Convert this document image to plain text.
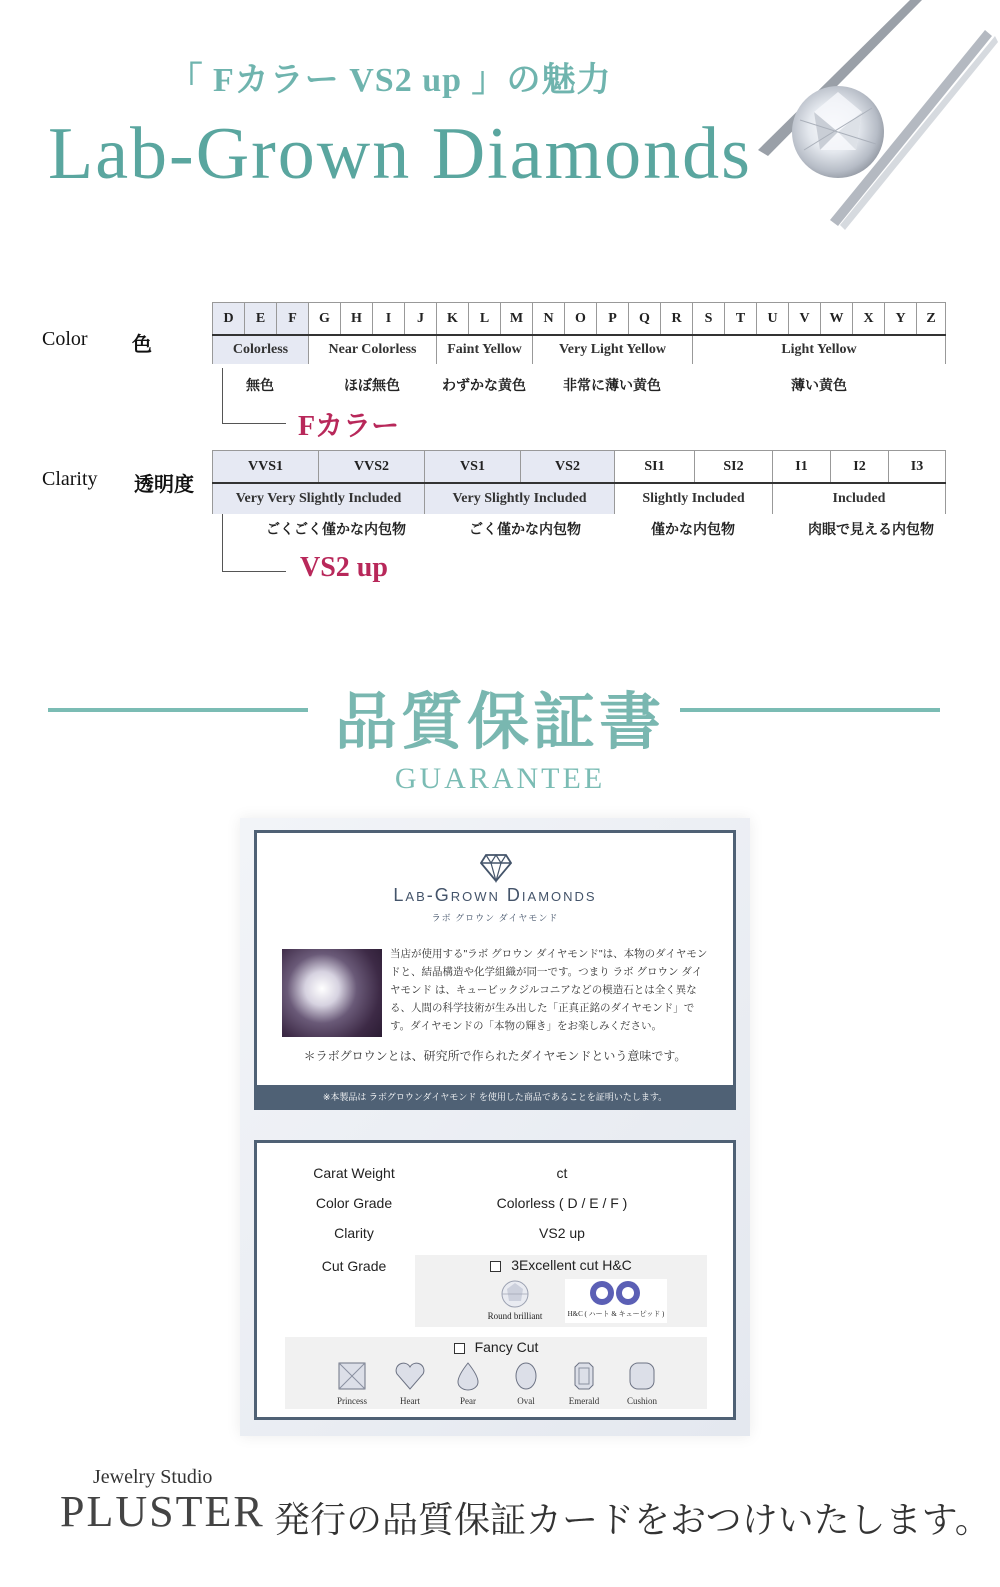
「 Fカラー VS2 up 」の魅力
Lab-Grown Diamonds
Color 色
D	E	F	G	H	I	J	K	L	M	N	O	P	Q	R	S	T	U	V	W	X	Y	Z
Colorless	Near Colorless	Faint Yellow	Very Light Yellow	Light Yellow
無色	ほぼ無色	わずかな黄色	非常に薄い黄色	薄い黄色
Fカラー
Clarity 透明度
VVS1	VVS2	VS1	VS2	SI1	SI2	I1	I2	I3
Very Very Slightly Included	Very Slightly Included	Slightly Included	Included
ごくごく僅かな内包物	ごく僅かな内包物	僅かな内包物	肉眼で見える内包物
VS2 up
品質保証書
GUARANTEE
Lab-Grown Diamonds
ラボ グロウン ダイヤモンド
当店が使用する"ラボ グロウン ダイヤモンド"は、本物のダイヤモンドと、結晶構造や化学組織が同一です。つまり ラボ グロウン ダイヤモンド は、キュービックジルコニアなどの模造石とは全く異なる、人間の科学技術が生み出した「正真正銘のダイヤモンド」です。ダイヤモンドの「本物の輝き」をお楽しみください。
＊ラボグロウンとは、研究所で作られたダイヤモンドという意味です。
※本製品は ラボグロウンダイヤモンド を使用した商品であることを証明いたします。
Carat Weight	ct
Color Grade	Colorless ( D / E / F )
Clarity	VS2 up
Cut Grade	3Excellent cut H&C
Round brilliant	H&C ( ハート & キューピッド )
Fancy Cut
Princess	Heart	Pear	Oval	Emerald	Cushion
Jewelry Studio
PLUSTER 発行の品質保証カードをおつけいたします。
